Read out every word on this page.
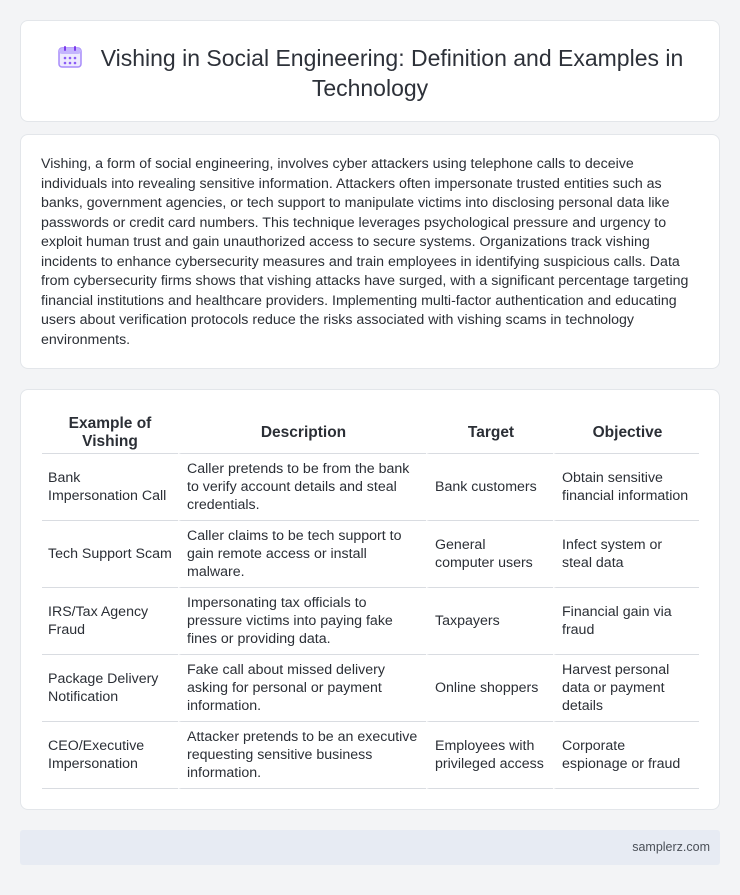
Vishing in Social Engineering: Definition and Examples in Technology

Vishing, a form of social engineering, involves cyber attackers using telephone calls to deceive individuals into revealing sensitive information. Attackers often impersonate trusted entities such as banks, government agencies, or tech support to manipulate victims into disclosing personal data like passwords or credit card numbers. This technique leverages psychological pressure and urgency to exploit human trust and gain unauthorized access to secure systems. Organizations track vishing incidents to enhance cybersecurity measures and train employees in identifying suspicious calls. Data from cybersecurity firms shows that vishing attacks have surged, with a significant percentage targeting financial institutions and healthcare providers. Implementing multi-factor authentication and educating users about verification protocols reduce the risks associated with vishing scams in technology environments.

Example of Vishing	Description	Target	Objective
Bank Impersonation Call	Caller pretends to be from the bank to verify account details and steal credentials.	Bank customers	Obtain sensitive financial information
Tech Support Scam	Caller claims to be tech support to gain remote access or install malware.	General computer users	Infect system or steal data
IRS/Tax Agency Fraud	Impersonating tax officials to pressure victims into paying fake fines or providing data.	Taxpayers	Financial gain via fraud
Package Delivery Notification	Fake call about missed delivery asking for personal or payment information.	Online shoppers	Harvest personal data or payment details
CEO/Executive Impersonation	Attacker pretends to be an executive requesting sensitive business information.	Employees with privileged access	Corporate espionage or fraud
samplerz.com
